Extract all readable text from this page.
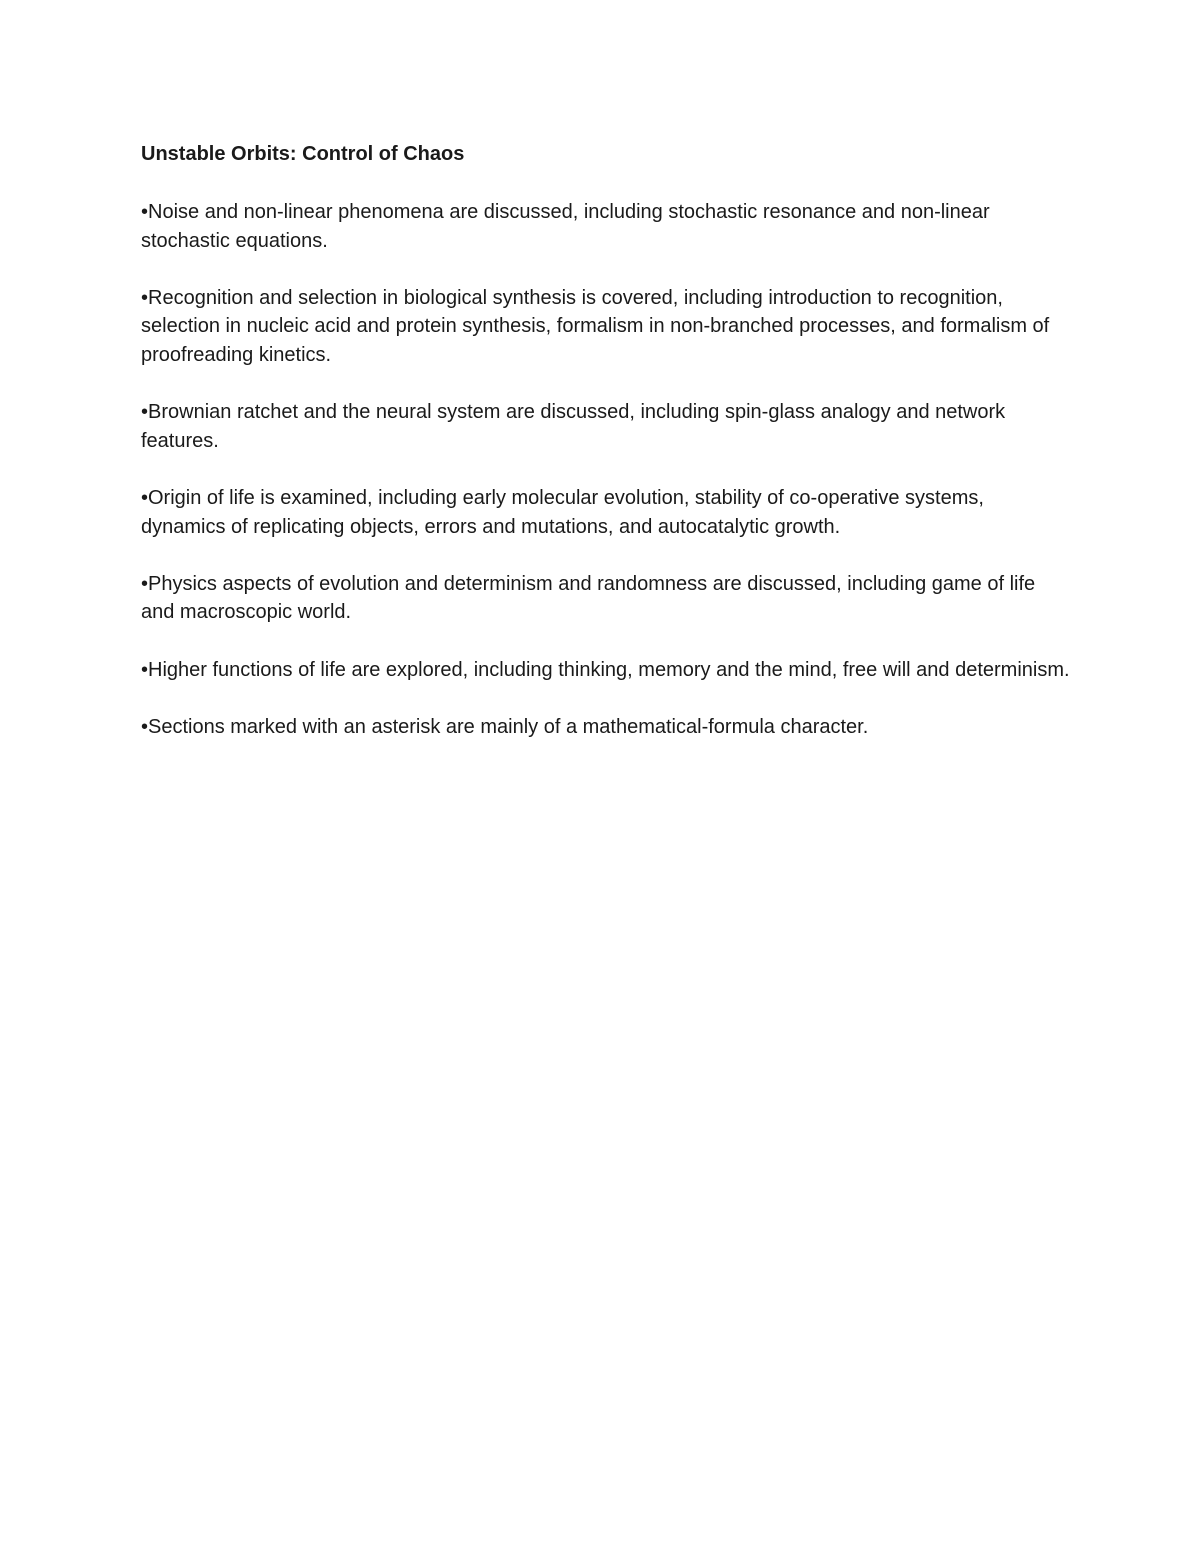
Unstable Orbits: Control of Chaos
•Noise and non-linear phenomena are discussed, including stochastic resonance and non-linear stochastic equations.
•Recognition and selection in biological synthesis is covered, including introduction to recognition, selection in nucleic acid and protein synthesis, formalism in non-branched processes, and formalism of proofreading kinetics.
•Brownian ratchet and the neural system are discussed, including spin-glass analogy and network features.
•Origin of life is examined, including early molecular evolution, stability of co-operative systems, dynamics of replicating objects, errors and mutations, and autocatalytic growth.
•Physics aspects of evolution and determinism and randomness are discussed, including game of life and macroscopic world.
•Higher functions of life are explored, including thinking, memory and the mind, free will and determinism.
•Sections marked with an asterisk are mainly of a mathematical-formula character.
